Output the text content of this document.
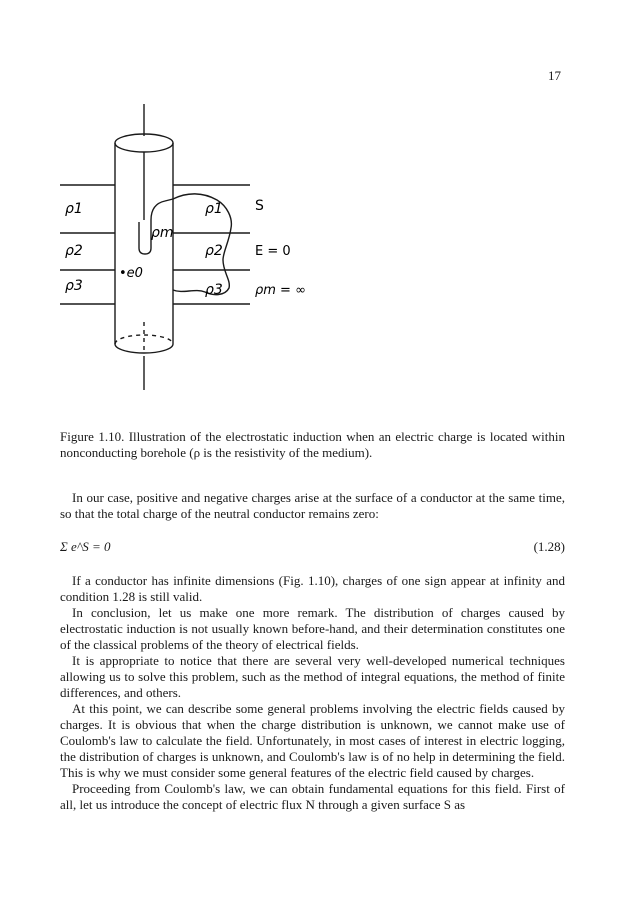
17
ρ1	ρ1
ρ2	ρ2
ρ3	ρ3
ρm
•e0
S
E = 0
ρm = ∞
Figure 1.10. Illustration of the electrostatic induction when an electric charge is located within nonconducting borehole (ρ is the resistivity of the medium).

In our case, positive and negative charges arise at the surface of a conductor at the same time, so that the total charge of the neutral conductor remains zero:

Σ e^S = 0	(1.28)

If a conductor has infinite dimensions (Fig. 1.10), charges of one sign appear at infinity and condition 1.28 is still valid.

In conclusion, let us make one more remark. The distribution of charges caused by electrostatic induction is not usually known before-hand, and their determination constitutes one of the classical problems of the theory of electrical fields.

It is appropriate to notice that there are several very well-developed numerical techniques allowing us to solve this problem, such as the method of integral equations, the method of finite differences, and others.

At this point, we can describe some general problems involving the electric fields caused by charges. It is obvious that when the charge distribution is unknown, we cannot make use of Coulomb's law to calculate the field. Unfortunately, in most cases of interest in electric logging, the distribution of charges is unknown, and Coulomb's law is of no help in determining the field. This is why we must consider some general features of the electric field caused by charges.

Proceeding from Coulomb's law, we can obtain fundamental equations for this field. First of all, let us introduce the concept of electric flux N through a given surface S as
